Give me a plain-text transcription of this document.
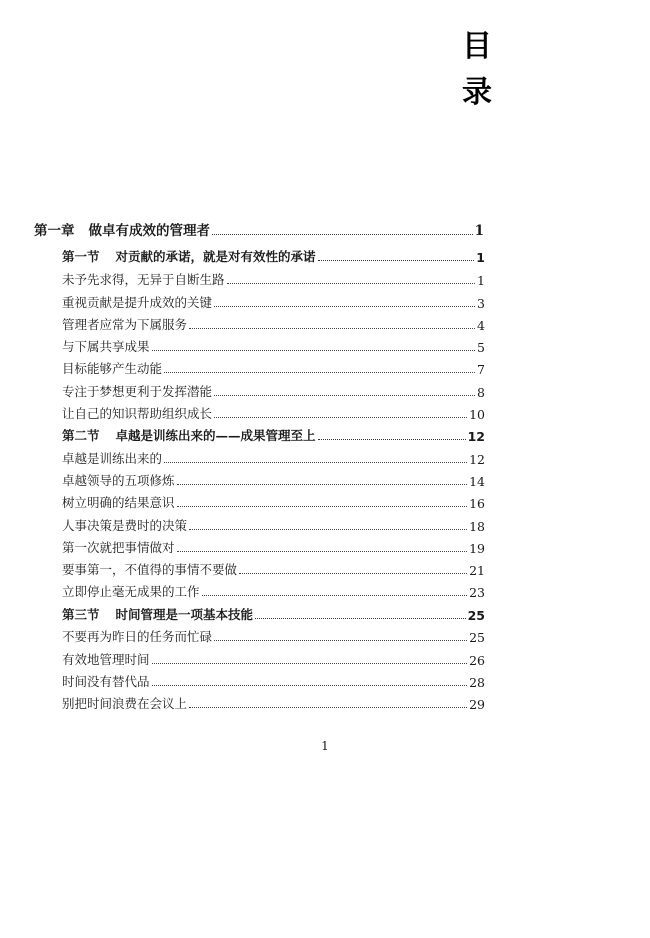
目
录
第一章 做卓有成效的管理者	1
第一节 对贡献的承诺，就是对有效性的承诺	1
未予先求得，无异于自断生路	1
重视贡献是提升成效的关键	3
管理者应常为下属服务	4
与下属共享成果	5
目标能够产生动能	7
专注于梦想更利于发挥潜能	8
让自己的知识帮助组织成长	10
第二节 卓越是训练出来的——成果管理至上	12
卓越是训练出来的	12
卓越领导的五项修炼	14
树立明确的结果意识	16
人事决策是费时的决策	18
第一次就把事情做对	19
要事第一，不值得的事情不要做	21
立即停止毫无成果的工作	23
第三节 时间管理是一项基本技能	25
不要再为昨日的任务而忙碌	25
有效地管理时间	26
时间没有替代品	28
别把时间浪费在会议上	29
1
